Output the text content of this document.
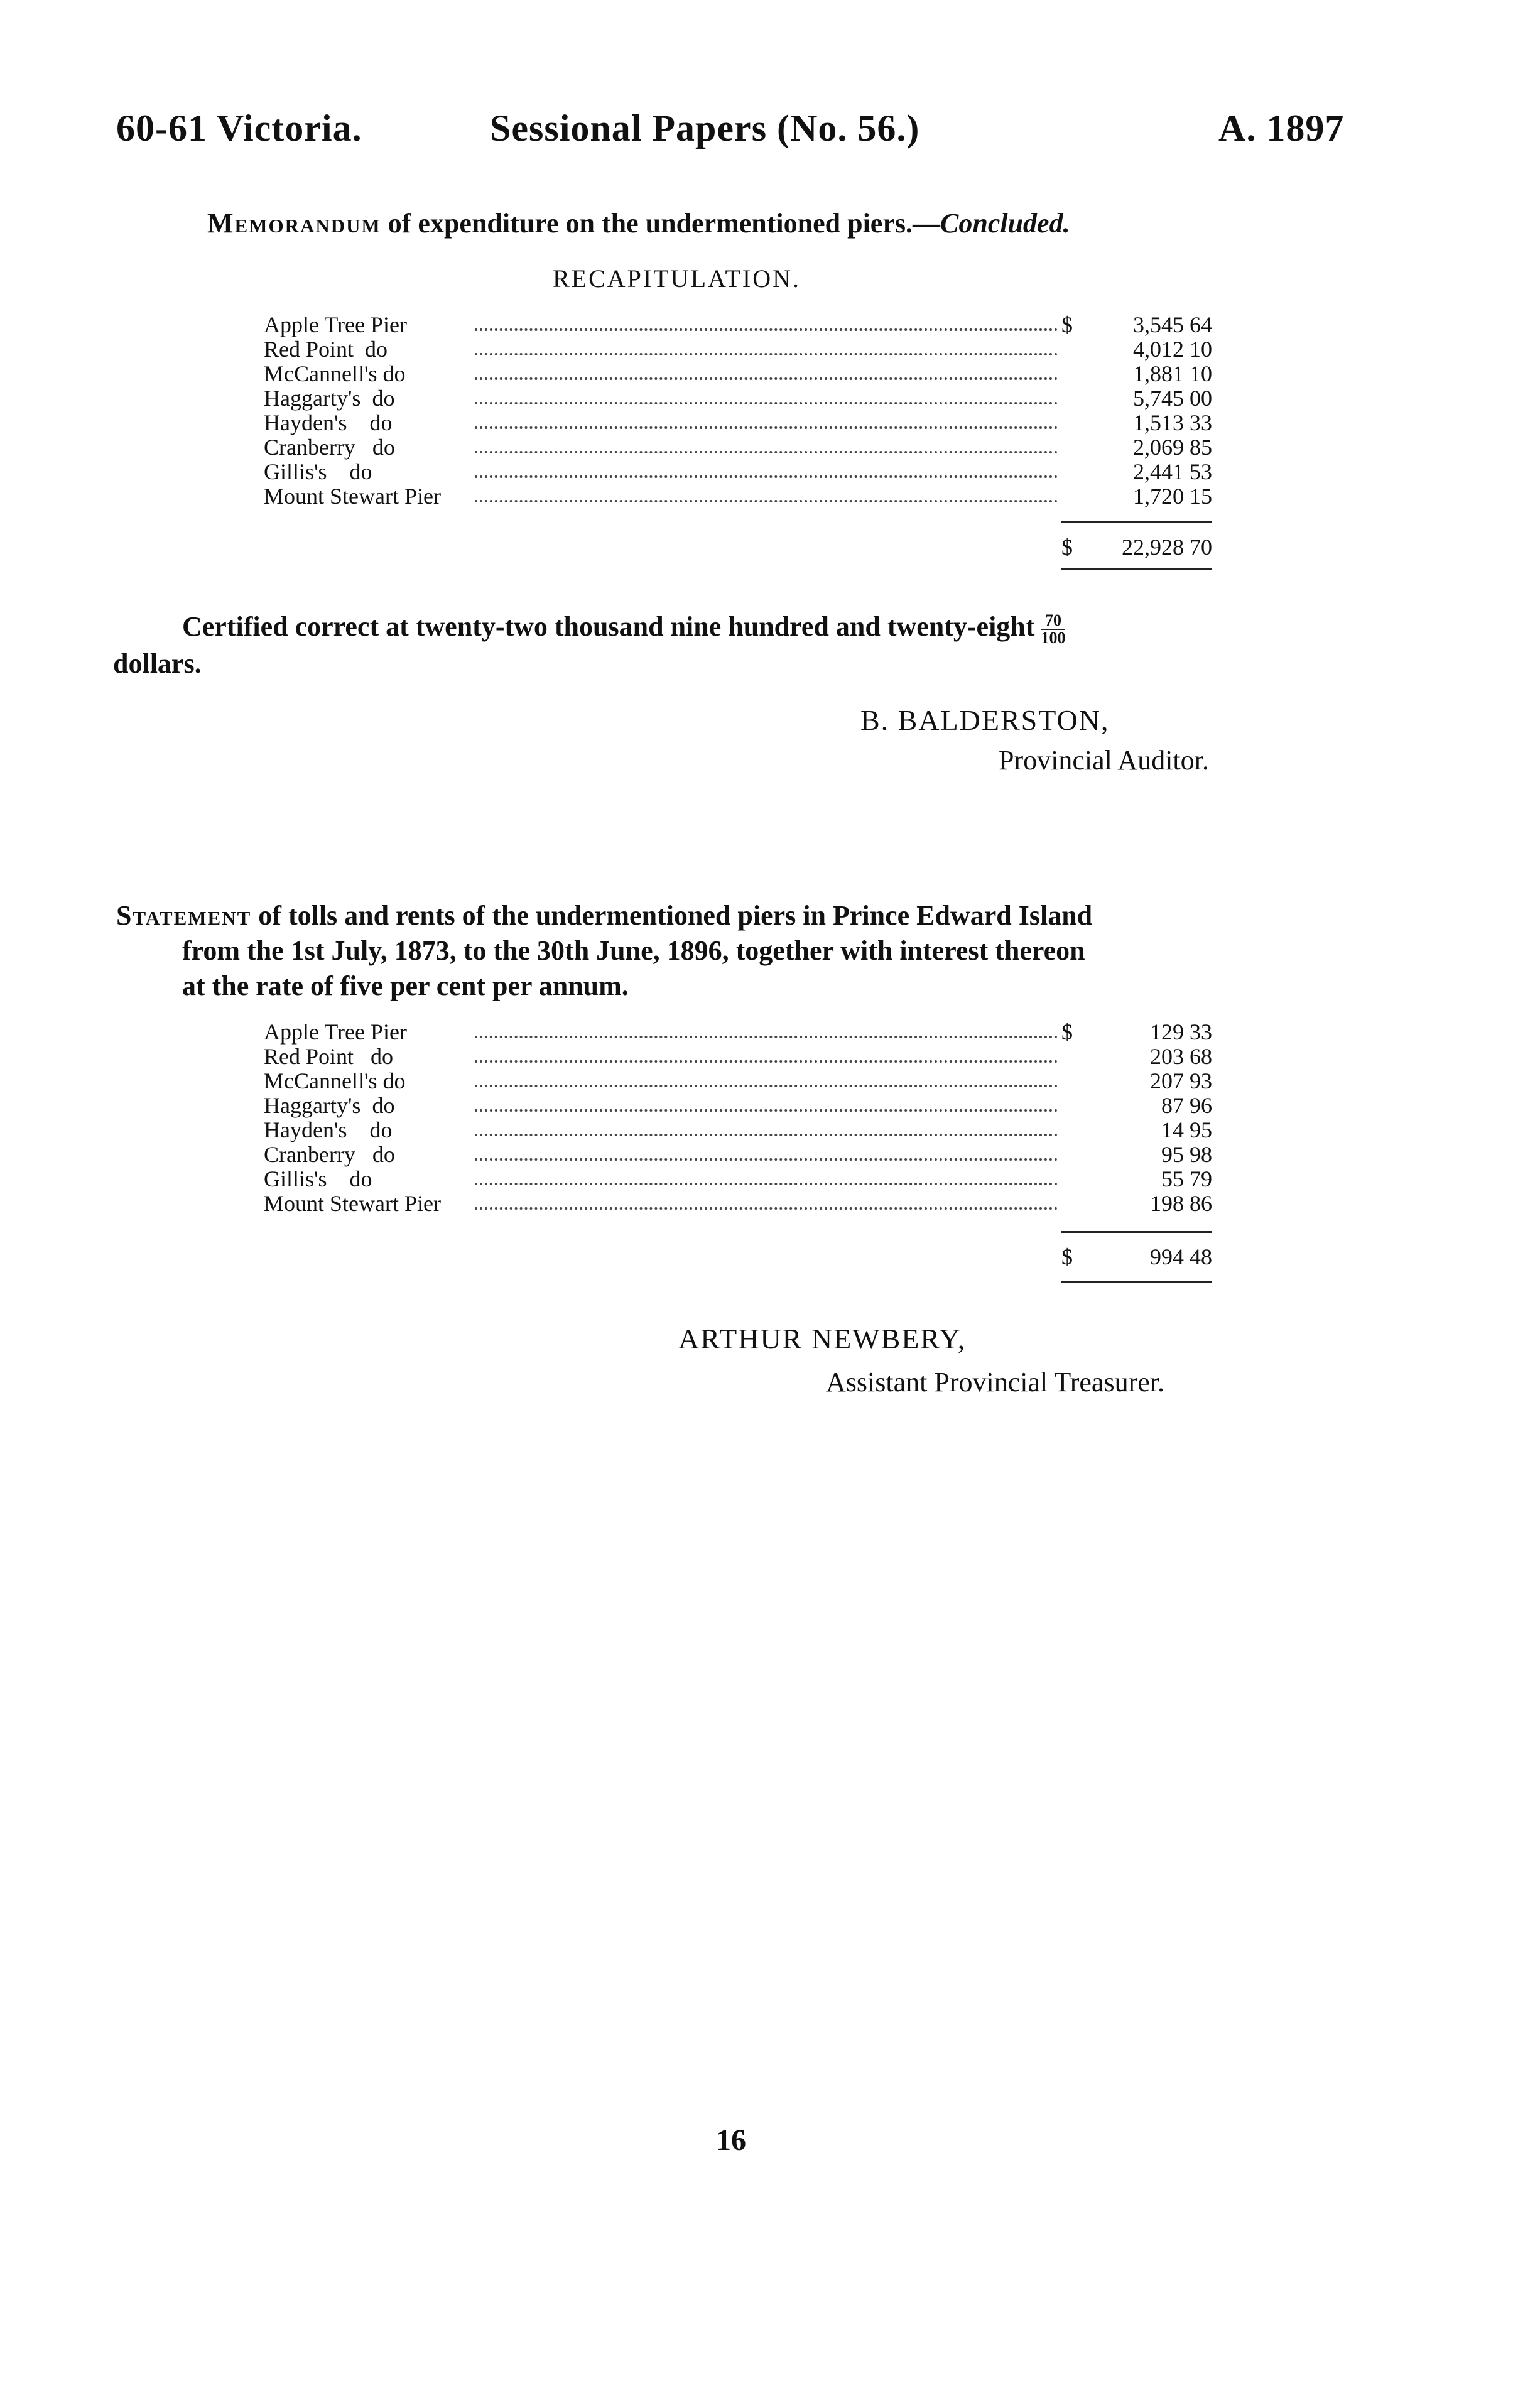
60-61 Victoria.	Sessional Papers (No. 56.)	A. 1897
Memorandum of expenditure on the undermentioned piers.—Concluded.
RECAPITULATION.
Apple Tree Pier		$	3,545 64
Red Point  do			4,012 10
McCannell's do			1,881 10
Haggarty's  do			5,745 00
Hayden's    do			1,513 33
Cranberry   do			2,069 85
Gillis's    do			2,441 53
Mount Stewart Pier			1,720 15
$ 22,928 70
Certified correct at twenty-two thousand nine hundred and twenty-eight $\frac{70}{100}$

dollars.
B. BALDERSTON,
Provincial Auditor.
Statement of tolls and rents of the undermentioned piers in Prince Edward Island
from the 1st July, 1873, to the 30th June, 1896, together with interest thereon
at the rate of five per cent per annum.
Apple Tree Pier		$	129 33
Red Point   do			203 68
McCannell's do			207 93
Haggarty's  do			87 96
Hayden's    do			14 95
Cranberry   do			95 98
Gillis's    do			55 79
Mount Stewart Pier			198 86
$	994 48
ARTHUR NEWBERY,
Assistant Provincial Treasurer.
16
